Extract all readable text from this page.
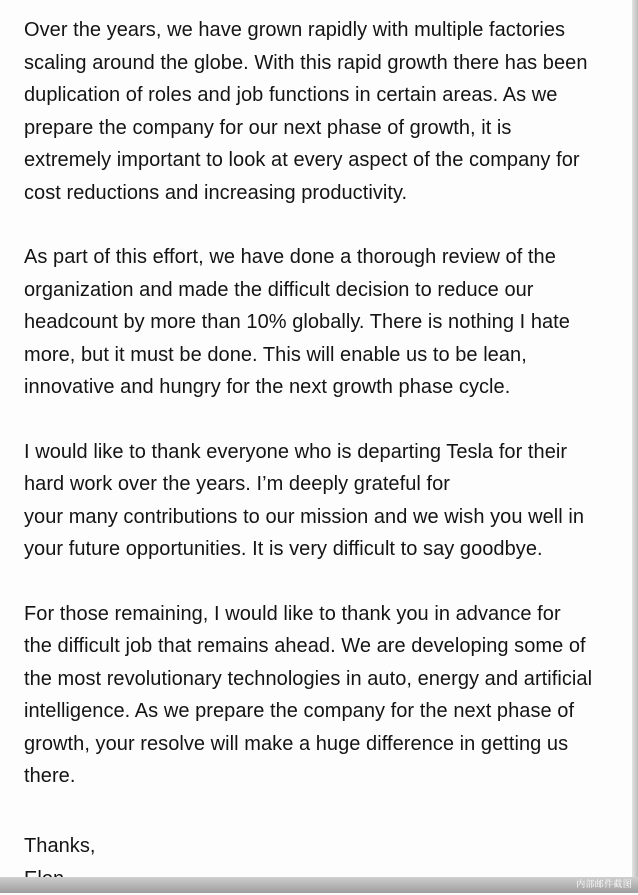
Over the years, we have grown rapidly with multiple factories
scaling around the globe. With this rapid growth there has been
duplication of roles and job functions in certain areas. As we
prepare the company for our next phase of growth, it is
extremely important to look at every aspect of the company for
cost reductions and increasing productivity.
As part of this effort, we have done a thorough review of the
organization and made the difficult decision to reduce our
headcount by more than 10% globally. There is nothing I hate
more, but it must be done. This will enable us to be lean,
innovative and hungry for the next growth phase cycle.
I would like to thank everyone who is departing Tesla for their
hard work over the years. I’m deeply grateful for
your many contributions to our mission and we wish you well in
your future opportunities. It is very difficult to say goodbye.
For those remaining, I would like to thank you in advance for
the difficult job that remains ahead. We are developing some of
the most revolutionary technologies in auto, energy and artificial
intelligence. As we prepare the company for the next phase of
growth, your resolve will make a huge difference in getting us
there.
Thanks,
内部邮件截图
